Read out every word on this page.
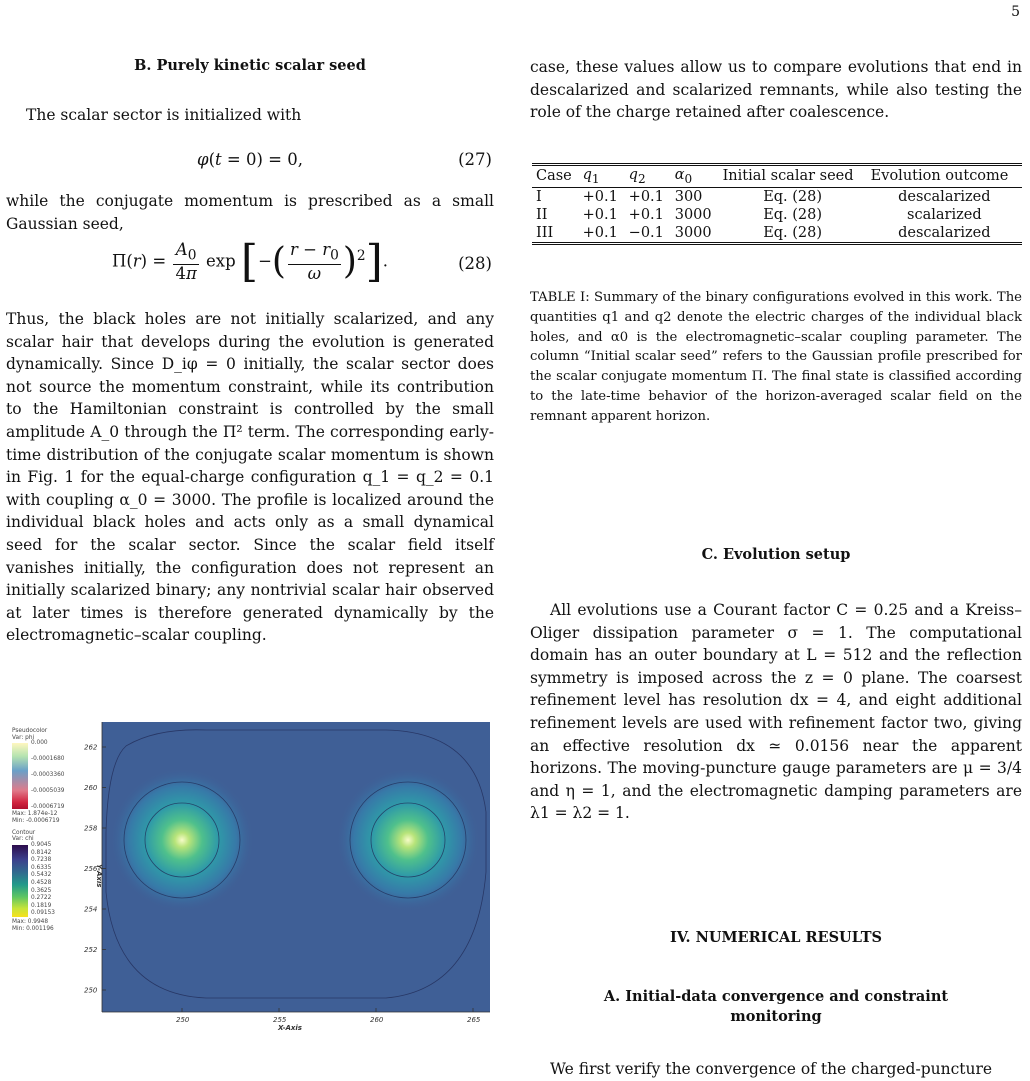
5
B. Purely kinetic scalar seed

The scalar sector is initialized with

φ(t = 0) = 0,	(27)

while the conjugate momentum is prescribed as a small Gaussian seed,

$\Pi(r) = \frac{A_0}{4\pi}$ exp [−( $\frac{r - r_0}{\omega} )^2$].	(28)

Thus, the black holes are not initially scalarized, and any scalar hair that develops during the evolution is generated dynamically. Since D_iφ = 0 initially, the scalar sector does not source the momentum constraint, while its contribution to the Hamiltonian constraint is controlled by the small amplitude A_0 through the Π² term. The corresponding early-time distribution of the conjugate scalar momentum is shown in Fig. 1 for the equal-charge configuration q_1 = q_2 = 0.1 with coupling α_0 = 3000. The profile is localized around the individual black holes and acts only as a small dynamical seed for the scalar sector. Since the scalar field itself vanishes initially, the configuration does not represent an initially scalarized binary; any nontrivial scalar hair observed at later times is therefore generated dynamically by the electromagnetic–scalar coupling.

Pseudocolor
Var: phi
0.000
-0.0001680
-0.0003360
-0.0005039
-0.0006719
Max: 1.874e-12
Min: -0.0006719
Contour
Var: chi
0.9045
0.8142
0.7238
0.6335
0.5432
0.4528
0.3625
0.2722
0.1819
0.09153
Max: 0.9948
Min: 0.001196
262
260
258
256
254
252
250
250	255	260	265
X-Axis
Y-Axis

case, these values allow us to compare evolutions that end in descalarized and scalarized remnants, while also testing the role of the charge retained after coalescence.

Case	$q_1$	$q_2$	$\alpha_0$	Initial scalar seed	Evolution outcome
I	+0.1	+0.1	300	Eq. (28)	descalarized
II	+0.1	+0.1	3000	Eq. (28)	scalarized
III	+0.1	−0.1	3000	Eq. (28)	descalarized

TABLE I: Summary of the binary configurations evolved in this work. The quantities q1 and q2 denote the electric charges of the individual black holes, and α0 is the electromagnetic–scalar coupling parameter. The column “Initial scalar seed” refers to the Gaussian profile prescribed for the scalar conjugate momentum Π. The final state is classified according to the late-time behavior of the horizon-averaged scalar field on the remnant apparent horizon.

C. Evolution setup

All evolutions use a Courant factor C = 0.25 and a Kreiss–Oliger dissipation parameter σ = 1. The computational domain has an outer boundary at L = 512 and the reflection symmetry is imposed across the z = 0 plane. The coarsest refinement level has resolution dx = 4, and eight additional refinement levels are used with refinement factor two, giving an effective resolution dx ≃ 0.0156 near the apparent horizons. The moving-puncture gauge parameters are μ = 3/4 and η = 1, and the electromagnetic damping parameters are λ1 = λ2 = 1.

IV. NUMERICAL RESULTS
A. Initial-data convergence and constraint
monitoring

We first verify the convergence of the charged-puncture
